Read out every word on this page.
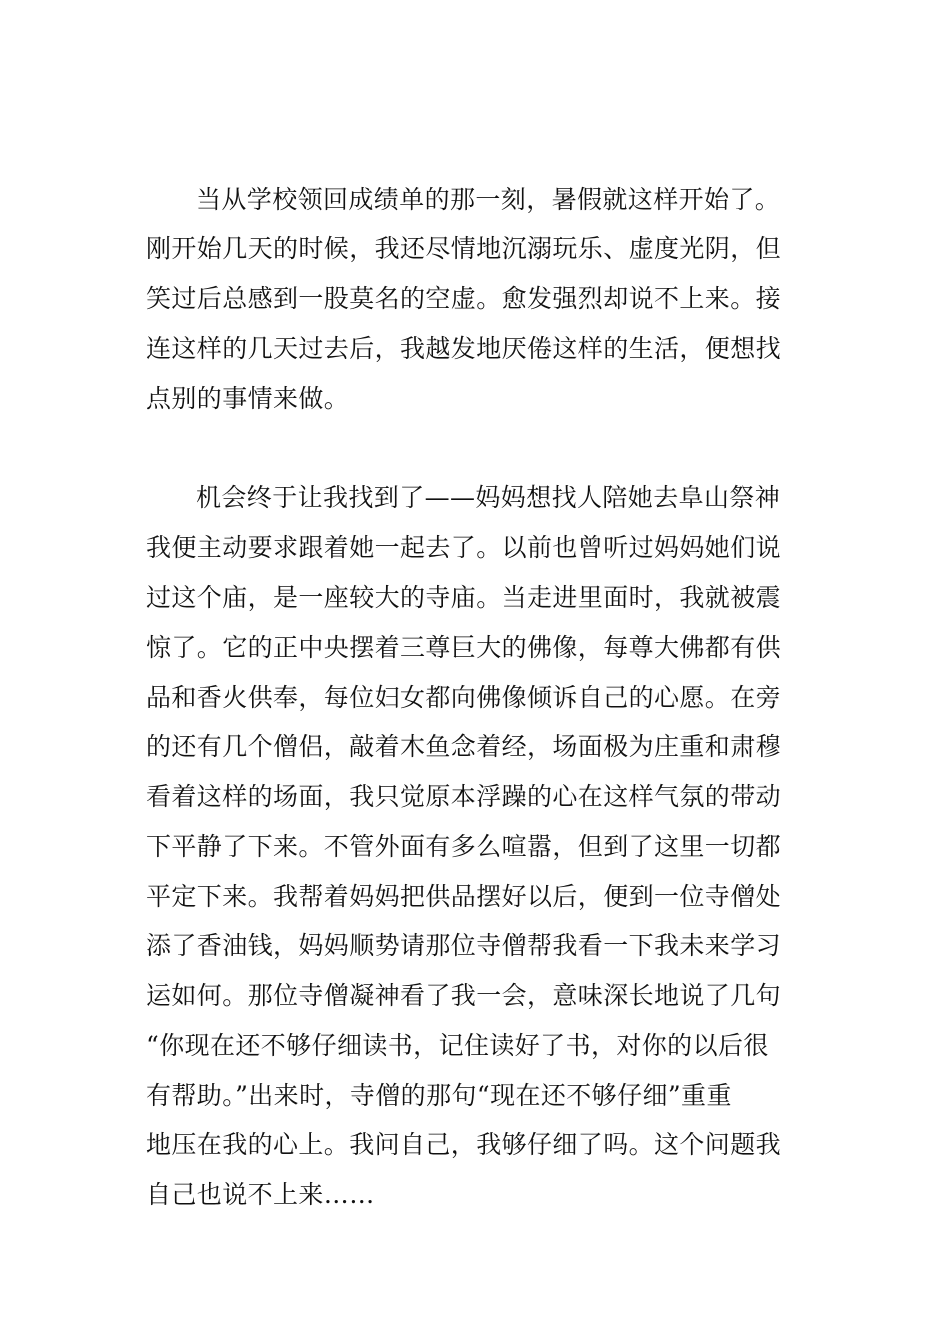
当从学校领回成绩单的那一刻，暑假就这样开始了。
刚开始几天的时候，我还尽情地沉溺玩乐、虚度光阴，但
笑过后总感到一股莫名的空虚。愈发强烈却说不上来。接
连这样的几天过去后，我越发地厌倦这样的生活，便想找
点别的事情来做。
机会终于让我找到了——妈妈想找人陪她去阜山祭神
我便主动要求跟着她一起去了。以前也曾听过妈妈她们说
过这个庙，是一座较大的寺庙。当走进里面时，我就被震
惊了。它的正中央摆着三尊巨大的佛像，每尊大佛都有供
品和香火供奉，每位妇女都向佛像倾诉自己的心愿。在旁
的还有几个僧侣，敲着木鱼念着经，场面极为庄重和肃穆
看着这样的场面，我只觉原本浮躁的心在这样气氛的带动
下平静了下来。不管外面有多么喧嚣，但到了这里一切都
平定下来。我帮着妈妈把供品摆好以后，便到一位寺僧处
添了香油钱，妈妈顺势请那位寺僧帮我看一下我未来学习
运如何。那位寺僧凝神看了我一会，意味深长地说了几句
“你现在还不够仔细读书，记住读好了书，对你的以后很
有帮助。”出来时，寺僧的那句“现在还不够仔细”重重
地压在我的心上。我问自己，我够仔细了吗。这个问题我
自己也说不上来……
